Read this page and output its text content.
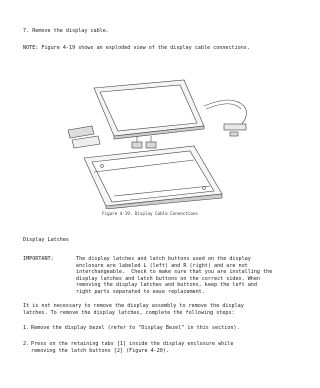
7. Remove the display cable.

NOTE: Figure 4-19 shows an exploded view of the display cable connections.

Figure 4-19. Display Cable Connections

Display Latches

IMPORTANT:	The display latches and latch buttons used on the display

enclosure are labeled L (left) and R (right) and are not

interchangeable.  Check to make sure that you are installing the

display latches and latch buttons on the correct sides. When

removing the display latches and buttons, keep the left and

right parts separated to ease replacement.

It is not necessary to remove the display assembly to remove the display

latches. To remove the display latches, complete the following steps:

1. Remove the display bezel (refer to "Display Bezel" in this section).

2. Press on the retaining tabs [1] inside the display enclosure while

removing the latch buttons [2] (Figure 4-20).
